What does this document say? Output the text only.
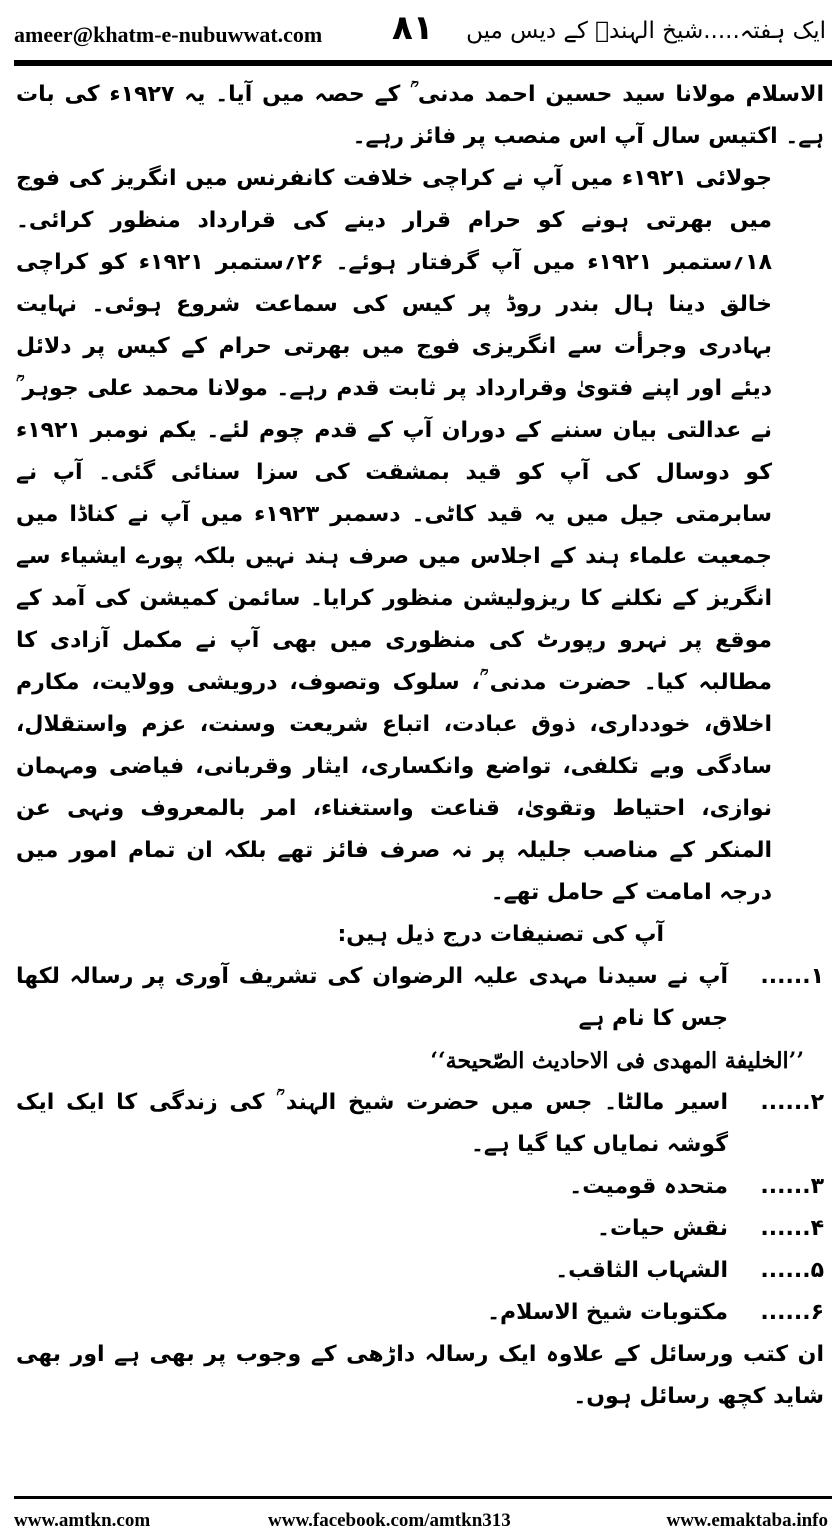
ameer@khatm-e-nubuwwat.com ۸۱ ایک ہفتہ.....شیخ الہندؒ کے دیس میں

الاسلام مولانا سید حسین احمد مدنی ؒ کے حصہ میں آیا۔ یہ ۱۹۲۷ء کی بات ہے۔ اکتیس سال آپ اس منصب پر فائز رہے۔

جولائی ۱۹۲۱ء میں آپ نے کراچی خلافت کانفرنس میں انگریز کی فوج میں بھرتی ہونے کو حرام قرار دینے کی قرارداد منظور کرائی۔ ۱۸؍ستمبر ۱۹۲۱ء میں آپ گرفتار ہوئے۔ ۲۶؍ستمبر ۱۹۲۱ء کو کراچی خالق دینا ہال بندر روڈ پر کیس کی سماعت شروع ہوئی۔ نہایت بہادری وجرأت سے انگریزی فوج میں بھرتی حرام کے کیس پر دلائل دیئے اور اپنے فتویٰ وقرارداد پر ثابت قدم رہے۔ مولانا محمد علی جوہر ؒ نے عدالتی بیان سننے کے دوران آپ کے قدم چوم لئے۔ یکم نومبر ۱۹۲۱ء کو دوسال کی آپ کو قید بمشقت کی سزا سنائی گئی۔ آپ نے سابرمتی جیل میں یہ قید کاٹی۔ دسمبر ۱۹۲۳ء میں آپ نے کناڈا میں جمعیت علماء ہند کے اجلاس میں صرف ہند نہیں بلکہ پورے ایشیاء سے انگریز کے نکلنے کا ریزولیشن منظور کرایا۔ سائمن کمیشن کی آمد کے موقع پر نہرو رپورٹ کی منظوری میں بھی آپ نے مکمل آزادی کا مطالبہ کیا۔ حضرت مدنی ؒ، سلوک وتصوف، درویشی وولایت، مکارم اخلاق، خودداری، ذوق عبادت، اتباع شریعت وسنت، عزم واستقلال، سادگی وبے تکلفی، تواضع وانکساری، ایثار وقربانی، فیاضی ومہمان نوازی، احتیاط وتقویٰ، قناعت واستغناء، امر بالمعروف ونہی عن المنکر کے مناصب جلیلہ پر نہ صرف فائز تھے بلکہ ان تمام امور میں درجہ امامت کے حامل تھے۔

آپ کی تصنیفات درج ذیل ہیں:

۱......
آپ نے سیدنا مہدی علیہ الرضوان کی تشریف آوری پر رسالہ لکھا جس کا نام ہے

’’الخلیفة المهدی فی الاحادیث الصّحیحة‘‘

۲......
اسیر مالٹا۔ جس میں حضرت شیخ الہند ؒ کی زندگی کا ایک ایک گوشہ نمایاں کیا گیا ہے۔
۳......
متحدہ قومیت۔
۴......
نقش حیات۔
۵......
الشہاب الثاقب۔
۶......
مکتوبات شیخ الاسلام۔

ان کتب ورسائل کے علاوہ ایک رسالہ داڑھی کے وجوب پر بھی ہے اور بھی شاید کچھ رسائل ہوں۔

www.amtkn.com	www.facebook.com/amtkn313	www.emaktaba.info
